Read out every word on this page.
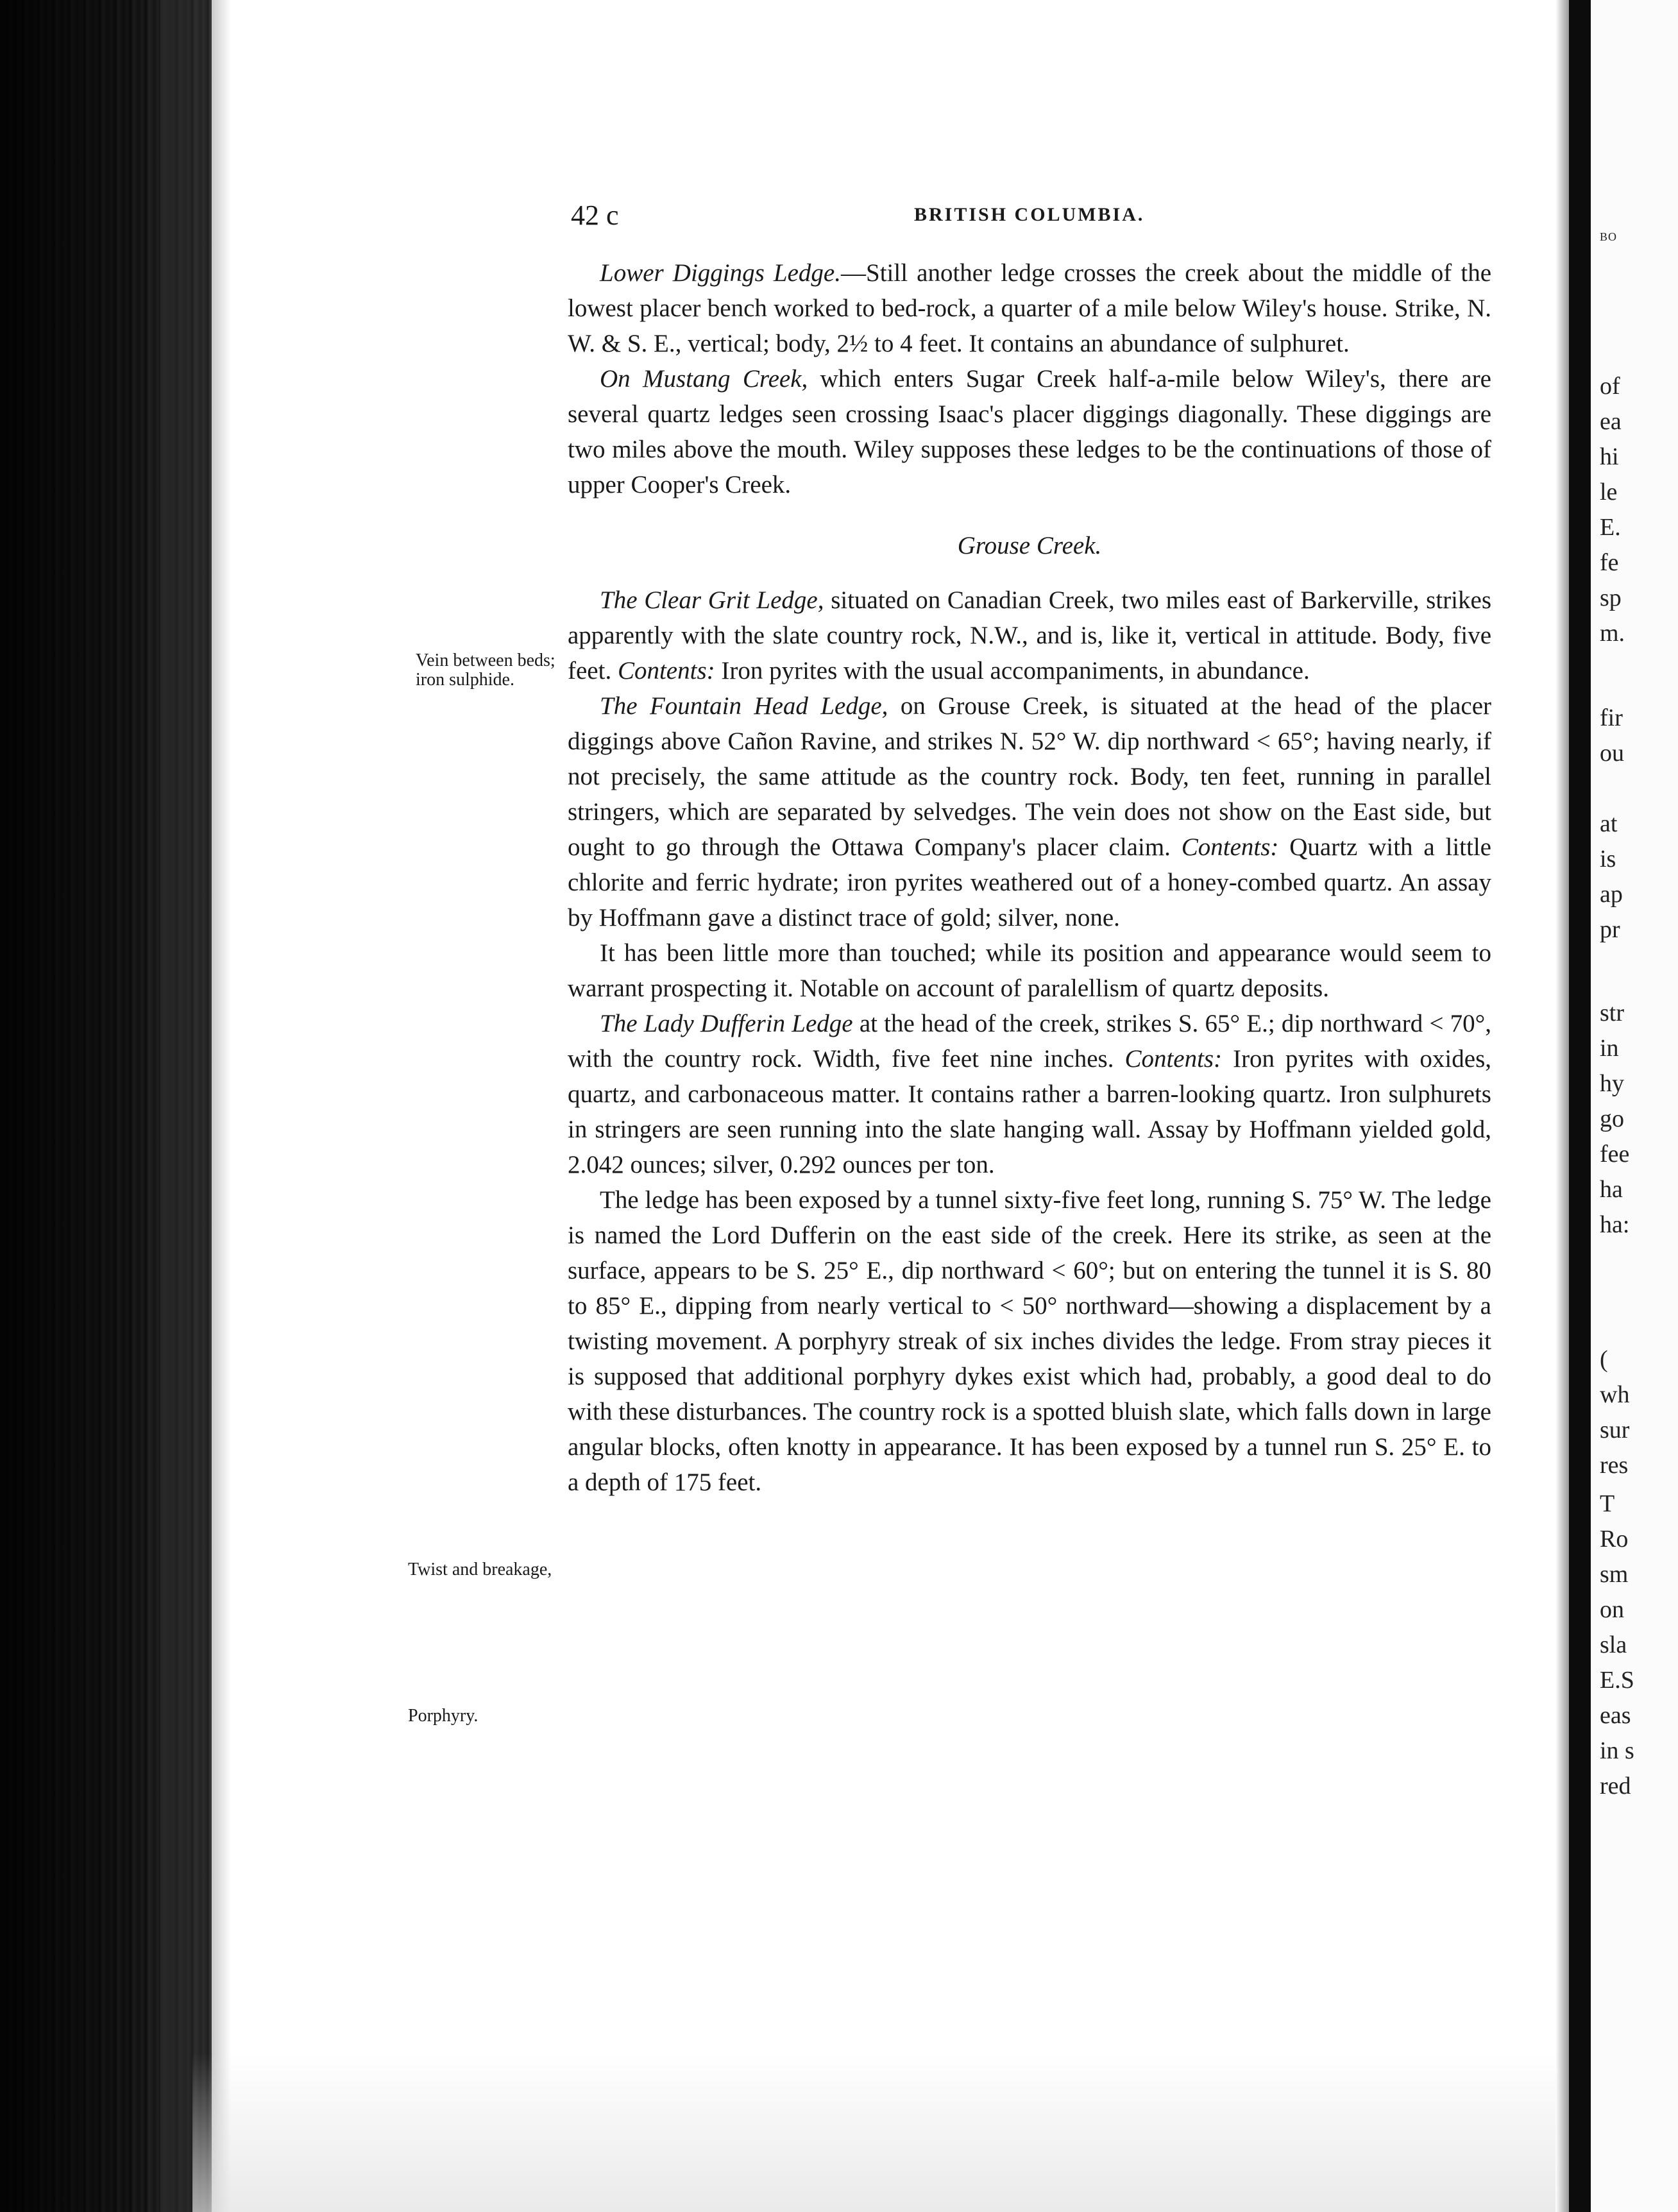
BO
of
ea
hi
le
E.
fe
sp
m.
fir
ou
at
is
ap
pr
str
in
hy
go
fee
ha
ha:
(
wh
sur
res
T
Ro
sm
on
sla
E.S
eas
in s
red
42 c	BRITISH COLUMBIA.
Vein between beds; iron sulphide.
Twist and breakage,
Porphyry.

Lower Diggings Ledge.—Still another ledge crosses the creek about the middle of the lowest placer bench worked to bed-rock, a quarter of a mile below Wiley's house. Strike, N. W. & S. E., vertical; body, 2½ to 4 feet. It contains an abundance of sulphuret.

On Mustang Creek, which enters Sugar Creek half-a-mile below Wiley's, there are several quartz ledges seen crossing Isaac's placer diggings diagonally. These diggings are two miles above the mouth. Wiley supposes these ledges to be the continuations of those of upper Cooper's Creek.

Grouse Creek.

The Clear Grit Ledge, situated on Canadian Creek, two miles east of Barkerville, strikes apparently with the slate country rock, N.W., and is, like it, vertical in attitude. Body, five feet. Contents: Iron pyrites with the usual accompaniments, in abundance.

The Fountain Head Ledge, on Grouse Creek, is situated at the head of the placer diggings above Cañon Ravine, and strikes N. 52° W. dip northward < 65°; having nearly, if not precisely, the same attitude as the country rock. Body, ten feet, running in parallel stringers, which are separated by selvedges. The vein does not show on the East side, but ought to go through the Ottawa Company's placer claim. Contents: Quartz with a little chlorite and ferric hydrate; iron pyrites weathered out of a honey-combed quartz. An assay by Hoffmann gave a distinct trace of gold; silver, none.

It has been little more than touched; while its position and appearance would seem to warrant prospecting it. Notable on account of paralellism of quartz deposits.

The Lady Dufferin Ledge at the head of the creek, strikes S. 65° E.; dip northward < 70°, with the country rock. Width, five feet nine inches. Contents: Iron pyrites with oxides, quartz, and carbonaceous matter. It contains rather a barren-looking quartz. Iron sulphurets in stringers are seen running into the slate hanging wall. Assay by Hoffmann yielded gold, 2.042 ounces; silver, 0.292 ounces per ton.

The ledge has been exposed by a tunnel sixty-five feet long, running S. 75° W. The ledge is named the Lord Dufferin on the east side of the creek. Here its strike, as seen at the surface, appears to be S. 25° E., dip northward < 60°; but on entering the tunnel it is S. 80 to 85° E., dipping from nearly vertical to < 50° northward—showing a displacement by a twisting movement. A porphyry streak of six inches divides the ledge. From stray pieces it is supposed that additional porphyry dykes exist which had, probably, a good deal to do with these disturbances. The country rock is a spotted bluish slate, which falls down in large angular blocks, often knotty in appearance. It has been exposed by a tunnel run S. 25° E. to a depth of 175 feet.
